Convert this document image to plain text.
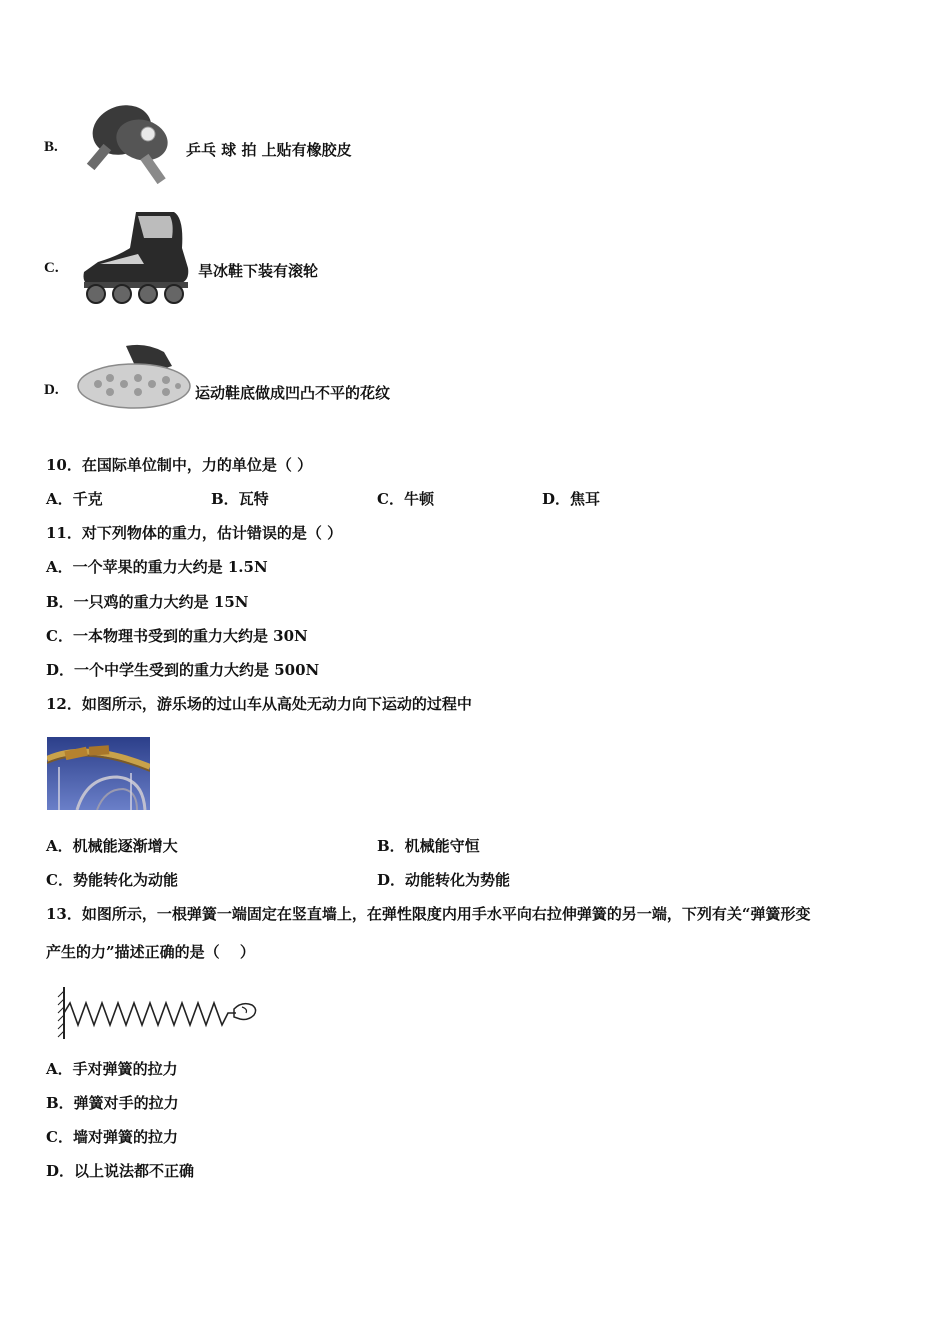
B.	乒乓 球 拍 上贴有橡胶皮
C.	旱冰鞋下装有滚轮
D.	运动鞋底做成凹凸不平的花纹
10．在国际单位制中，力的单位是（ ）
A．千克	B．瓦特	C．牛顿	D．焦耳
11．对下列物体的重力，估计错误的是（ ）
A．一个苹果的重力大约是 1.5N
B．一只鸡的重力大约是 15N
C．一本物理书受到的重力大约是 30N
D．一个中学生受到的重力大约是 500N
12．如图所示，游乐场的过山车从高处无动力向下运动的过程中
A．机械能逐渐增大	B．机械能守恒
C．势能转化为动能	D．动能转化为势能
13．如图所示，一根弹簧一端固定在竖直墙上，在弹性限度内用手水平向右拉伸弹簧的另一端，下列有关“弹簧形变
产生的力”描述正确的是（　 ）
A．手对弹簧的拉力
B．弹簧对手的拉力
C．墙对弹簧的拉力
D．以上说法都不正确
